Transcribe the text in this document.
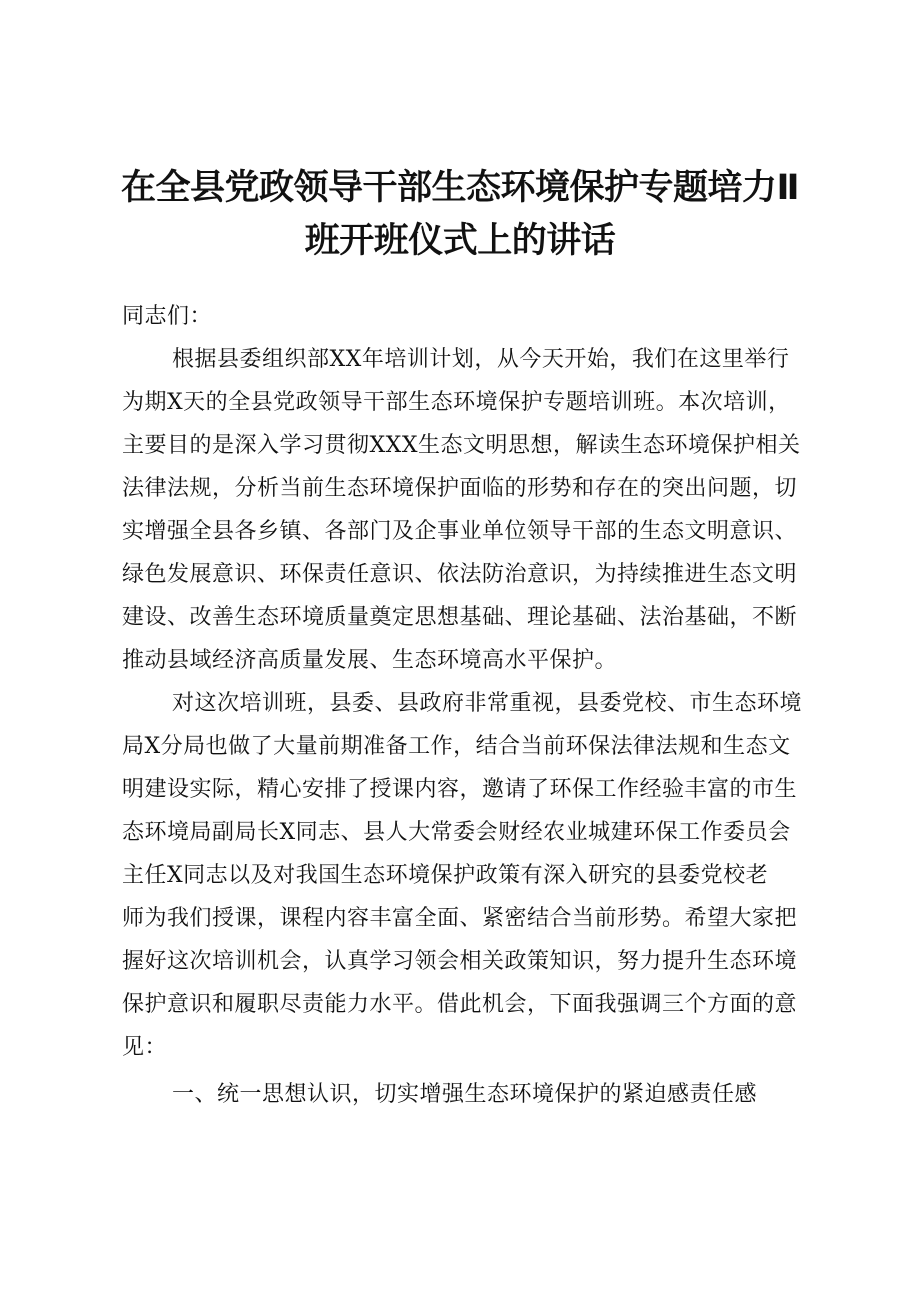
在全县党政领导干部生态环境保护专题培力Ⅱ
班开班仪式上的讲话
同志们：
根据县委组织部XX年培训计划，从今天开始，我们在这里举行
为期X天的全县党政领导干部生态环境保护专题培训班。本次培训，
主要目的是深入学习贯彻XXX生态文明思想，解读生态环境保护相关
法律法规，分析当前生态环境保护面临的形势和存在的突出问题，切
实增强全县各乡镇、各部门及企事业单位领导干部的生态文明意识、
绿色发展意识、环保责任意识、依法防治意识，为持续推进生态文明
建设、改善生态环境质量奠定思想基础、理论基础、法治基础，不断
推动县域经济高质量发展、生态环境高水平保护。
对这次培训班，县委、县政府非常重视，县委党校、市生态环境
局X分局也做了大量前期准备工作，结合当前环保法律法规和生态文
明建设实际，精心安排了授课内容，邀请了环保工作经验丰富的市生
态环境局副局长X同志、县人大常委会财经农业城建环保工作委员会
主任X同志以及对我国生态环境保护政策有深入研究的县委党校老
师为我们授课，课程内容丰富全面、紧密结合当前形势。希望大家把
握好这次培训机会，认真学习领会相关政策知识，努力提升生态环境
保护意识和履职尽责能力水平。借此机会，下面我强调三个方面的意
见：
一、统一思想认识，切实增强生态环境保护的紧迫感责任感
